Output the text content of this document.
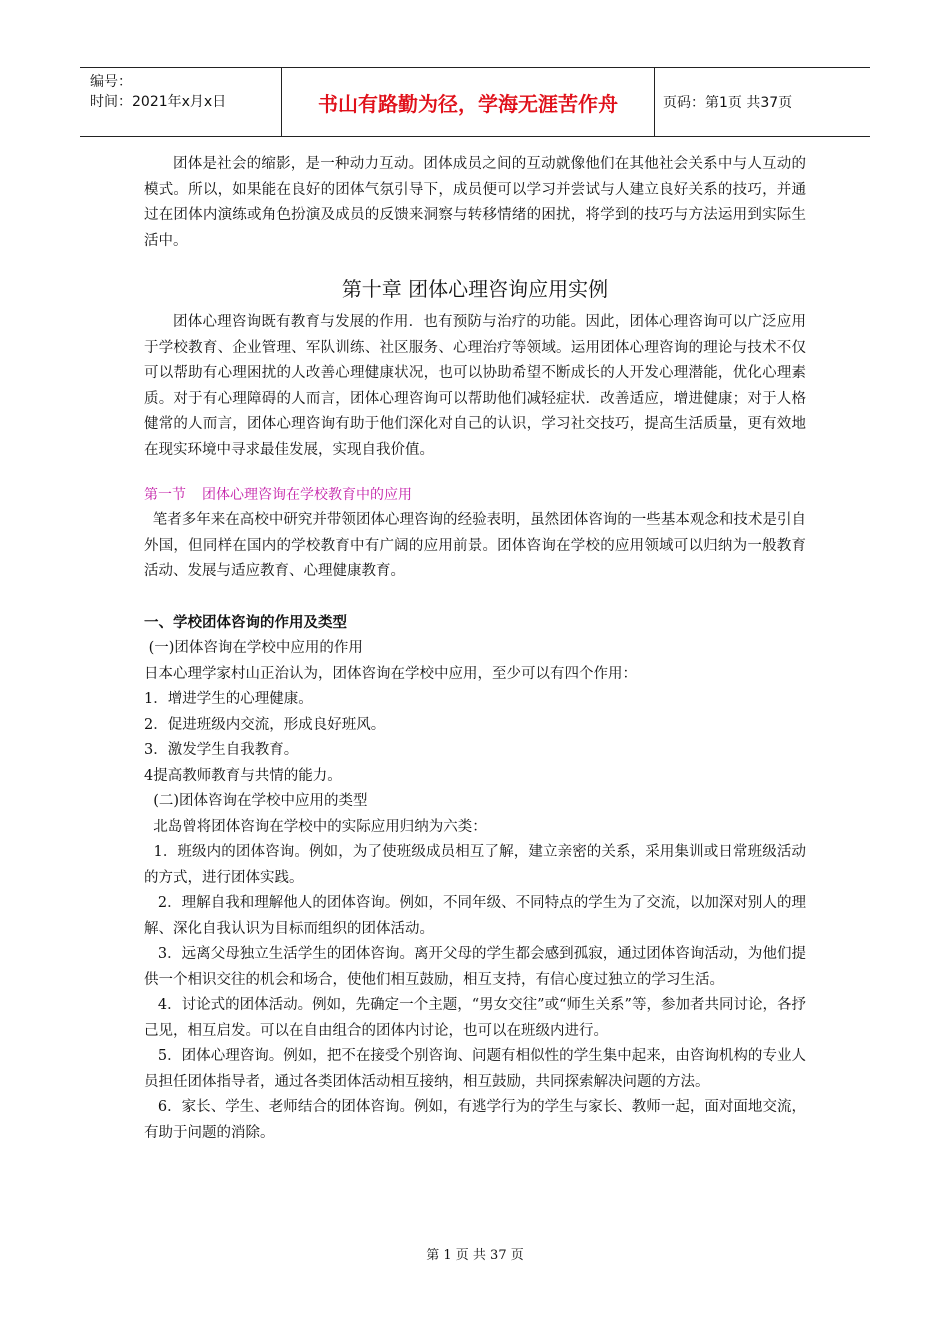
编号：
时间：2021年x月x日	书山有路勤为径，学海无涯苦作舟	页码：第1页 共37页

团体是社会的缩影，是一种动力互动。团体成员之间的互动就像他们在其他社会关系中与人互动的模式。所以，如果能在良好的团体气氛引导下，成员便可以学习并尝试与人建立良好关系的技巧，并通过在团体内演练或角色扮演及成员的反馈来洞察与转移情绪的困扰，将学到的技巧与方法运用到实际生活中。

第十章 团体心理咨询应用实例

团体心理咨询既有教育与发展的作用．也有预防与治疗的功能。因此，团体心理咨询可以广泛应用于学校教育、企业管理、军队训练、社区服务、心理治疗等领域。运用团体心理咨询的理论与技术不仅可以帮助有心理困扰的人改善心理健康状况，也可以协助希望不断成长的人开发心理潜能，优化心理素质。对于有心理障碍的人而言，团体心理咨询可以帮助他们减轻症状．改善适应，增进健康；对于人格健常的人而言，团体心理咨询有助于他们深化对自己的认识，学习社交技巧，提高生活质量，更有效地在现实环境中寻求最佳发展，实现自我价值。

第一节 团体心理咨询在学校教育中的应用

笔者多年来在高校中研究并带领团体心理咨询的经验表明，虽然团体咨询的一些基本观念和技术是引自外国，但同样在国内的学校教育中有广阔的应用前景。团体咨询在学校的应用领域可以归纳为一般教育活动、发展与适应教育、心理健康教育。

一、学校团体咨询的作用及类型

(一)团体咨询在学校中应用的作用

日本心理学家村山正治认为，团体咨询在学校中应用，至少可以有四个作用：

1．增进学生的心理健康。

2．促进班级内交流，形成良好班风。

3．激发学生自我教育。

4提高教师教育与共情的能力。

(二)团体咨询在学校中应用的类型

北岛曾将团体咨询在学校中的实际应用归纳为六类：

1．班级内的团体咨询。例如，为了使班级成员相互了解，建立亲密的关系，采用集训或日常班级活动的方式，进行团体实践。

2．理解自我和理解他人的团体咨询。例如，不同年级、不同特点的学生为了交流，以加深对别人的理解、深化自我认识为目标而组织的团体活动。

3．远离父母独立生活学生的团体咨询。离开父母的学生都会感到孤寂，通过团体咨询活动，为他们提供一个相识交往的机会和场合，使他们相互鼓励，相互支持，有信心度过独立的学习生活。

4．讨论式的团体活动。例如，先确定一个主题，“男女交往”或“师生关系”等，参加者共同讨论，各抒己见，相互启发。可以在自由组合的团体内讨论，也可以在班级内进行。

5．团体心理咨询。例如，把不在接受个别咨询、问题有相似性的学生集中起来，由咨询机构的专业人员担任团体指导者，通过各类团体活动相互接纳，相互鼓励，共同探索解决问题的方法。

6．家长、学生、老师结合的团体咨询。例如，有逃学行为的学生与家长、教师一起，面对面地交流，有助于问题的消除。

第 1 页 共 37 页
